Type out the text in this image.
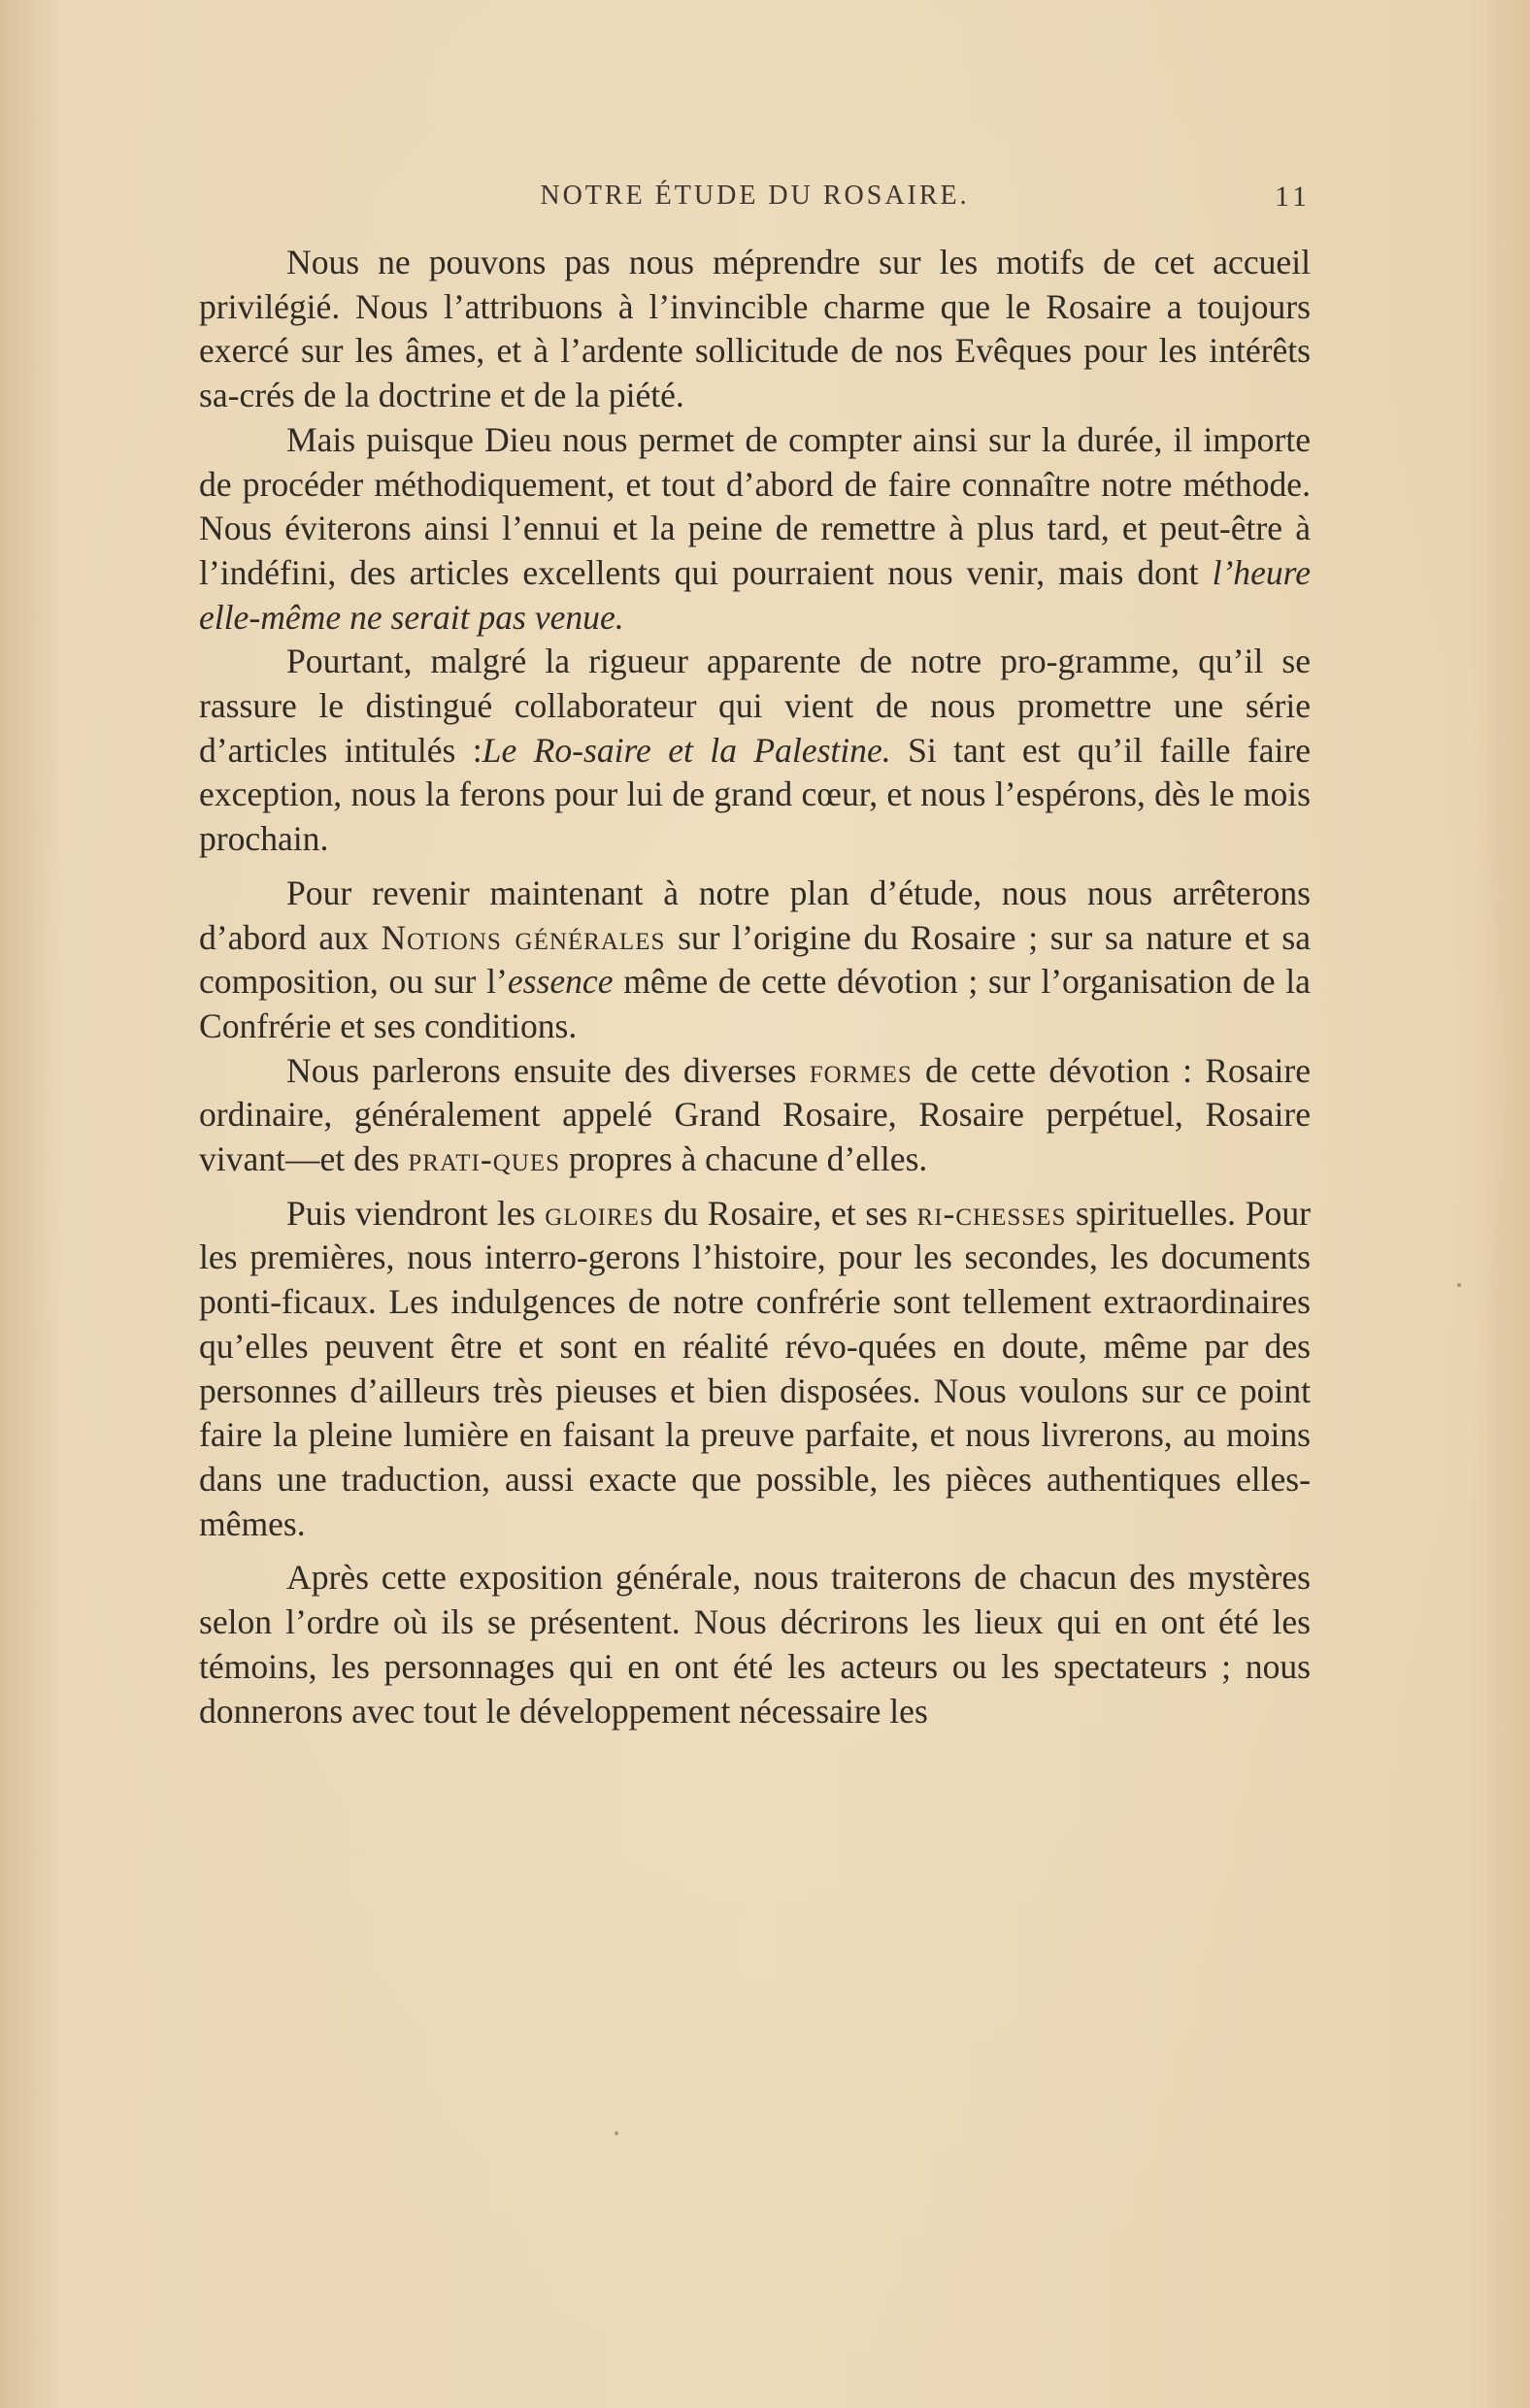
NOTRE ÉTUDE DU ROSAIRE.	11

Nous ne pouvons pas nous méprendre sur les motifs de cet accueil privilégié. Nous l’attribuons à l’invincible charme que le Rosaire a toujours exercé sur les âmes, et à l’ardente sollicitude de nos Evêques pour les intérêts sa-crés de la doctrine et de la piété.

Mais puisque Dieu nous permet de compter ainsi sur la durée, il importe de procéder méthodiquement, et tout d’abord de faire connaître notre méthode. Nous éviterons ainsi l’ennui et la peine de remettre à plus tard, et peut-être à l’indéfini, des articles excellents qui pourraient nous venir, mais dont l’heure elle-même ne serait pas venue.

Pourtant, malgré la rigueur apparente de notre pro-gramme, qu’il se rassure le distingué collaborateur qui vient de nous promettre une série d’articles intitulés :Le Ro-saire et la Palestine. Si tant est qu’il faille faire exception, nous la ferons pour lui de grand cœur, et nous l’espérons, dès le mois prochain.

Pour revenir maintenant à notre plan d’étude, nous nous arrêterons d’abord aux Notions générales sur l’origine du Rosaire ; sur sa nature et sa composition, ou sur l’essence même de cette dévotion ; sur l’organisation de la Confrérie et ses conditions.

Nous parlerons ensuite des diverses formes de cette dévotion : Rosaire ordinaire, généralement appelé Grand Rosaire, Rosaire perpétuel, Rosaire vivant—et des prati-ques propres à chacune d’elles.

Puis viendront les gloires du Rosaire, et ses ri-chesses spirituelles. Pour les premières, nous interro-gerons l’histoire, pour les secondes, les documents ponti-ficaux. Les indulgences de notre confrérie sont tellement extraordinaires qu’elles peuvent être et sont en réalité révo-quées en doute, même par des personnes d’ailleurs très pieuses et bien disposées. Nous voulons sur ce point faire la pleine lumière en faisant la preuve parfaite, et nous livrerons, au moins dans une traduction, aussi exacte que possible, les pièces authentiques elles-mêmes.

Après cette exposition générale, nous traiterons de chacun des mystères selon l’ordre où ils se présentent. Nous décrirons les lieux qui en ont été les témoins, les personnages qui en ont été les acteurs ou les spectateurs ; nous donnerons avec tout le développement nécessaire les
